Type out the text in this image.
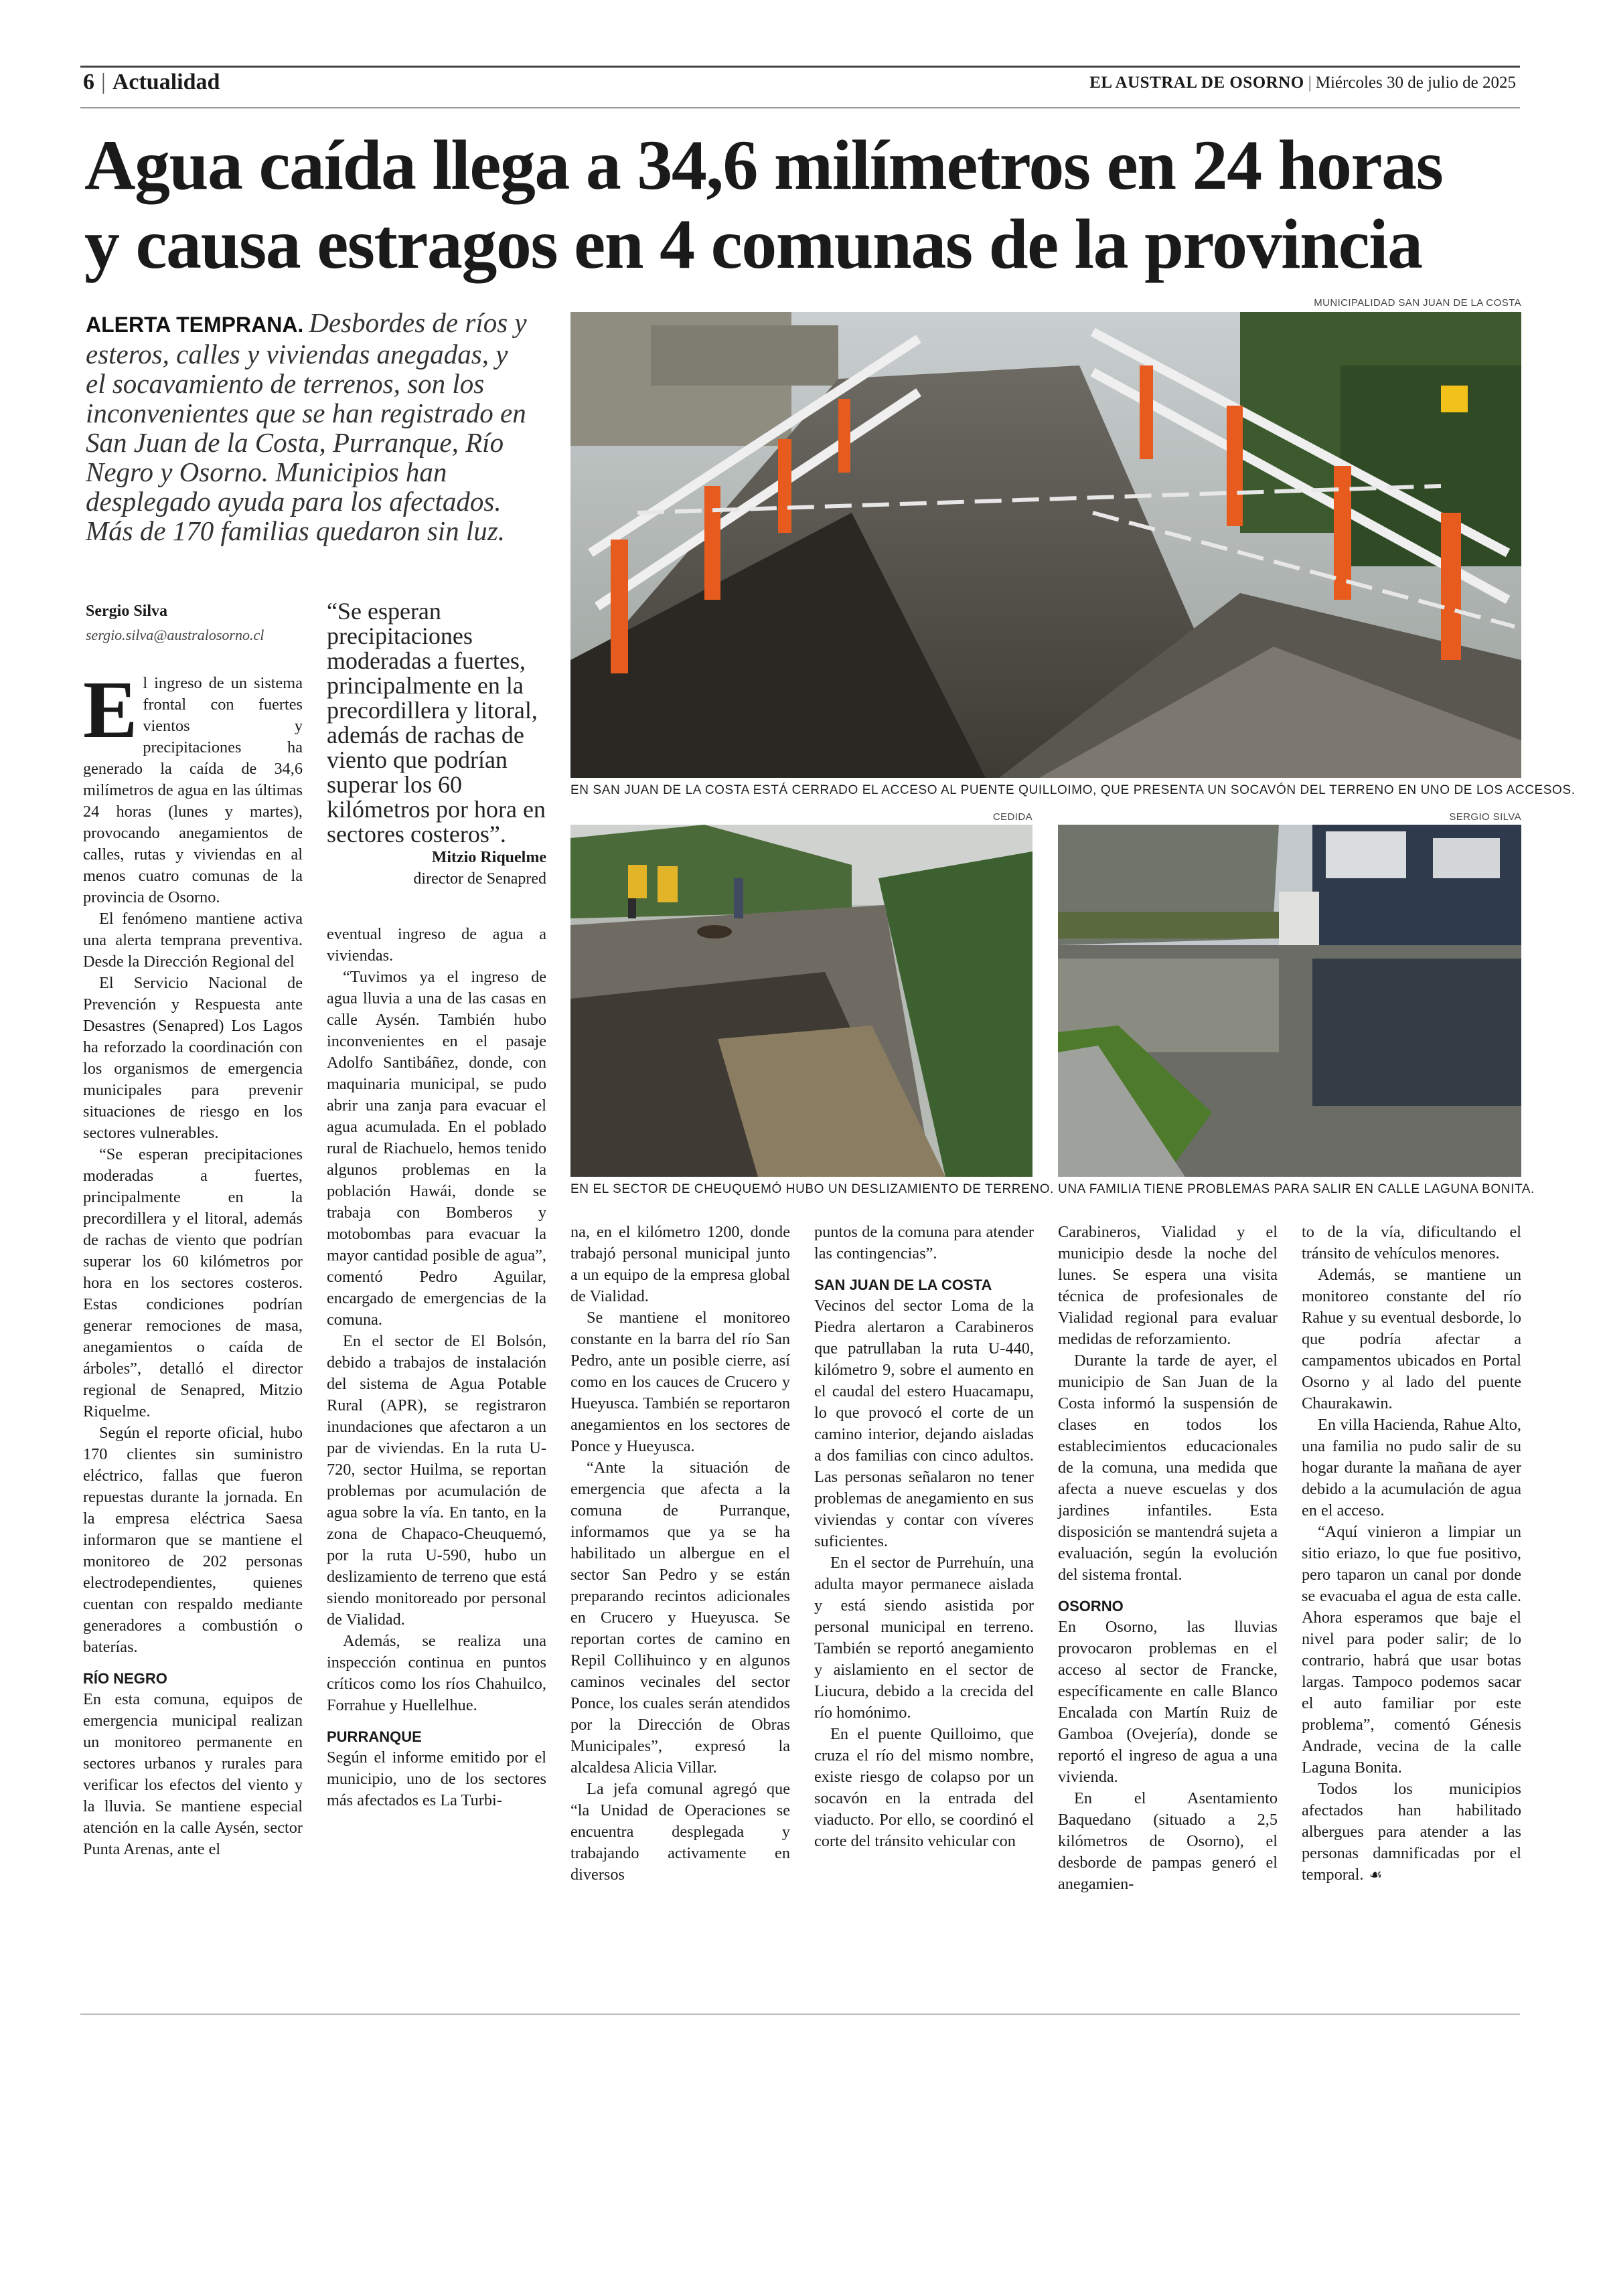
6 | Actualidad	EL AUSTRAL DE OSORNO | Miércoles 30 de julio de 2025
Agua caída llega a 34,6 milímetros en 24 horas
y causa estragos en 4 comunas de la provincia
ALERTA TEMPRANA. Desbordes de ríos y esteros, calles y viviendas anegadas, y el socavamiento de terrenos, son los inconvenientes que se han registrado en San Juan de la Costa, Purranque, Río Negro y Osorno. Municipios han desplegado ayuda para los afectados. Más de 170 familias quedaron sin luz.
Sergio Silva
sergio.silva@australosorno.cl
“Se esperan precipitaciones moderadas a fuertes, principalmente en la precordillera y litoral, además de rachas de viento que podrían superar los 60 kilómetros por hora en sectores costeros”.
Mitzio Riquelme
director de Senapred
MUNICIPALIDAD SAN JUAN DE LA COSTA
EN SAN JUAN DE LA COSTA ESTÁ CERRADO EL ACCESO AL PUENTE QUILLOIMO, QUE PRESENTA UN SOCAVÓN DEL TERRENO EN UNO DE LOS ACCESOS.
CEDIDA
EN EL SECTOR DE CHEUQUEMÓ HUBO UN DESLIZAMIENTO DE TERRENO.
SERGIO SILVA
UNA FAMILIA TIENE PROBLEMAS PARA SALIR EN CALLE LAGUNA BONITA.

El ingreso de un sistema frontal con fuertes vientos y precipitaciones ha generado la caída de 34,6 milímetros de agua en las últimas 24 horas (lunes y martes), provocando anegamientos de calles, rutas y viviendas en al menos cuatro comunas de la provincia de Osorno.

El fenómeno mantiene activa una alerta temprana preventiva. Desde la Dirección Regional del

El Servicio Nacional de Prevención y Respuesta ante Desastres (Senapred) Los Lagos ha reforzado la coordinación con los organismos de emergencia municipales para prevenir situaciones de riesgo en los sectores vulnerables.

“Se esperan precipitaciones moderadas a fuertes, principalmente en la precordillera y el litoral, además de rachas de viento que podrían superar los 60 kilómetros por hora en los sectores costeros. Estas condiciones podrían generar remociones de masa, anegamientos o caída de árboles”, detalló el director regional de Senapred, Mitzio Riquelme.

Según el reporte oficial, hubo 170 clientes sin suministro eléctrico, fallas que fueron repuestas durante la jornada. En la empresa eléctrica Saesa informaron que se mantiene el monitoreo de 202 personas electrodependientes, quienes cuentan con respaldo mediante generadores a combustión o baterías.

RÍO NEGRO

En esta comuna, equipos de emergencia municipal realizan un monitoreo permanente en sectores urbanos y rurales para verificar los efectos del viento y la lluvia. Se mantiene especial atención en la calle Aysén, sector Punta Arenas, ante el

eventual ingreso de agua a viviendas.

“Tuvimos ya el ingreso de agua lluvia a una de las casas en calle Aysén. También hubo inconvenientes en el pasaje Adolfo Santibáñez, donde, con maquinaria municipal, se pudo abrir una zanja para evacuar el agua acumulada. En el poblado rural de Riachuelo, hemos tenido algunos problemas en la población Hawái, donde se trabaja con Bomberos y motobombas para evacuar la mayor cantidad posible de agua”, comentó Pedro Aguilar, encargado de emergencias de la comuna.

En el sector de El Bolsón, debido a trabajos de instalación del sistema de Agua Potable Rural (APR), se registraron inundaciones que afectaron a un par de viviendas. En la ruta U-720, sector Huilma, se reportan problemas por acumulación de agua sobre la vía. En tanto, en la zona de Chapaco-Cheuquemó, por la ruta U-590, hubo un deslizamiento de terreno que está siendo monitoreado por personal de Vialidad.

Además, se realiza una inspección continua en puntos críticos como los ríos Chahuilco, Forrahue y Huellelhue.

PURRANQUE

Según el informe emitido por el municipio, uno de los sectores más afectados es La Turbi-

na, en el kilómetro 1200, donde trabajó personal municipal junto a un equipo de la empresa global de Vialidad.

Se mantiene el monitoreo constante en la barra del río San Pedro, ante un posible cierre, así como en los cauces de Crucero y Hueyusca. También se reportaron anegamientos en los sectores de Ponce y Hueyusca.

“Ante la situación de emergencia que afecta a la comuna de Purranque, informamos que ya se ha habilitado un albergue en el sector San Pedro y se están preparando recintos adicionales en Crucero y Hueyusca. Se reportan cortes de camino en Repil Collihuinco y en algunos caminos vecinales del sector Ponce, los cuales serán atendidos por la Dirección de Obras Municipales”, expresó la alcaldesa Alicia Villar.

La jefa comunal agregó que “la Unidad de Operaciones se encuentra desplegada y trabajando activamente en diversos

puntos de la comuna para atender las contingencias”.

SAN JUAN DE LA COSTA

Vecinos del sector Loma de la Piedra alertaron a Carabineros que patrullaban la ruta U-440, kilómetro 9, sobre el aumento en el caudal del estero Huacamapu, lo que provocó el corte de un camino interior, dejando aisladas a dos familias con cinco adultos. Las personas señalaron no tener problemas de anegamiento en sus viviendas y contar con víveres suficientes.

En el sector de Purrehuín, una adulta mayor permanece aislada y está siendo asistida por personal municipal en terreno. También se reportó anegamiento y aislamiento en el sector de Liucura, debido a la crecida del río homónimo.

En el puente Quilloimo, que cruza el río del mismo nombre, existe riesgo de colapso por un socavón en la entrada del viaducto. Por ello, se coordinó el corte del tránsito vehicular con

Carabineros, Vialidad y el municipio desde la noche del lunes. Se espera una visita técnica de profesionales de Vialidad regional para evaluar medidas de reforzamiento.

Durante la tarde de ayer, el municipio de San Juan de la Costa informó la suspensión de clases en todos los establecimientos educacionales de la comuna, una medida que afecta a nueve escuelas y dos jardines infantiles. Esta disposición se mantendrá sujeta a evaluación, según la evolución del sistema frontal.

OSORNO

En Osorno, las lluvias provocaron problemas en el acceso al sector de Francke, específicamente en calle Blanco Encalada con Martín Ruiz de Gamboa (Ovejería), donde se reportó el ingreso de agua a una vivienda.

En el Asentamiento Baquedano (situado a 2,5 kilómetros de Osorno), el desborde de pampas generó el anegamien-

to de la vía, dificultando el tránsito de vehículos menores.

Además, se mantiene un monitoreo constante del río Rahue y su eventual desborde, lo que podría afectar a campamentos ubicados en Portal Osorno y al lado del puente Chaurakawin.

En villa Hacienda, Rahue Alto, una familia no pudo salir de su hogar durante la mañana de ayer debido a la acumulación de agua en el acceso.

“Aquí vinieron a limpiar un sitio eriazo, lo que fue positivo, pero taparon un canal por donde se evacuaba el agua de esta calle. Ahora esperamos que baje el nivel para poder salir; de lo contrario, habrá que usar botas largas. Tampoco podemos sacar el auto familiar por este problema”, comentó Génesis Andrade, vecina de la calle Laguna Bonita.

Todos los municipios afectados han habilitado albergues para atender a las personas damnificadas por el temporal. ☙
